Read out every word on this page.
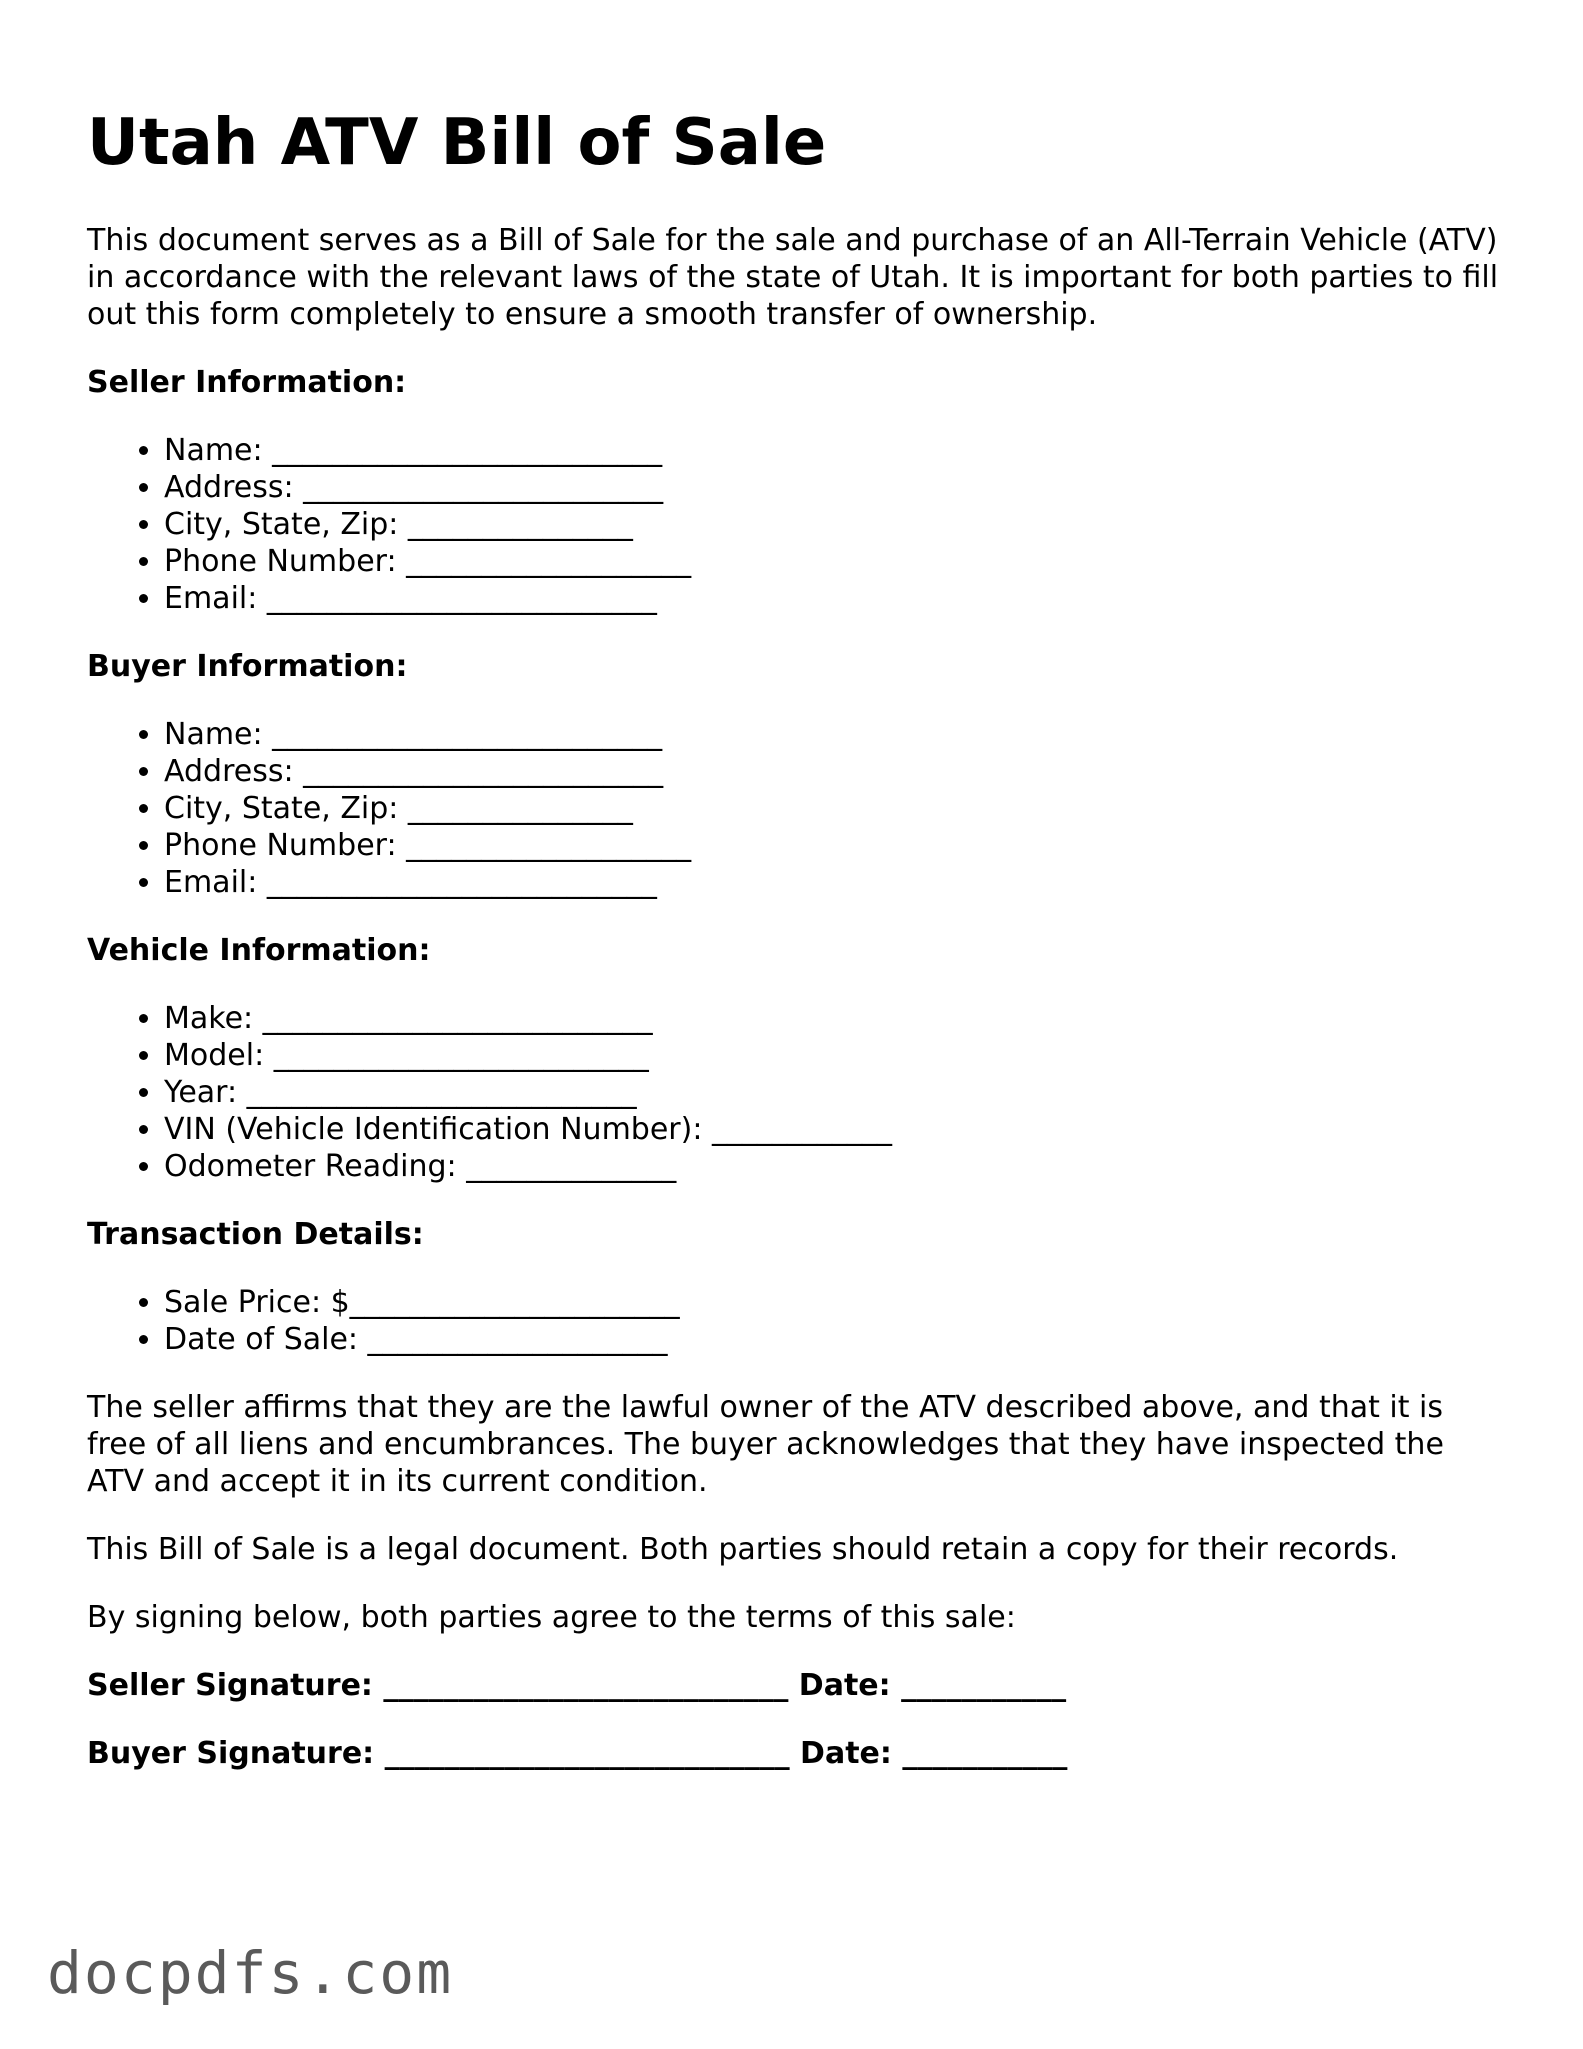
Utah ATV Bill of Sale

This document serves as a Bill of Sale for the sale and purchase of an All-Terrain Vehicle (ATV) in accordance with the relevant laws of the state of Utah. It is important for both parties to fill out this form completely to ensure a smooth transfer of ownership.

Seller Information:
• Name: __________________________
• Address: ________________________
• City, State, Zip: _______________
• Phone Number: ___________________
• Email: __________________________
Buyer Information:
• Name: __________________________
• Address: ________________________
• City, State, Zip: _______________
• Phone Number: ___________________
• Email: __________________________
Vehicle Information:
• Make: __________________________
• Model: _________________________
• Year: __________________________
• VIN (Vehicle Identification Number): ____________
• Odometer Reading: ______________
Transaction Details:
• Sale Price: $______________________
• Date of Sale: ____________________

The seller affirms that they are the lawful owner of the ATV described above, and that it is free of all liens and encumbrances. The buyer acknowledges that they have inspected the ATV and accept it in its current condition.

This Bill of Sale is a legal document. Both parties should retain a copy for their records.

By signing below, both parties agree to the terms of this sale:

Seller Signature: ___________________________ Date: ___________
Buyer Signature: ___________________________ Date: ___________
docpdfs.com
